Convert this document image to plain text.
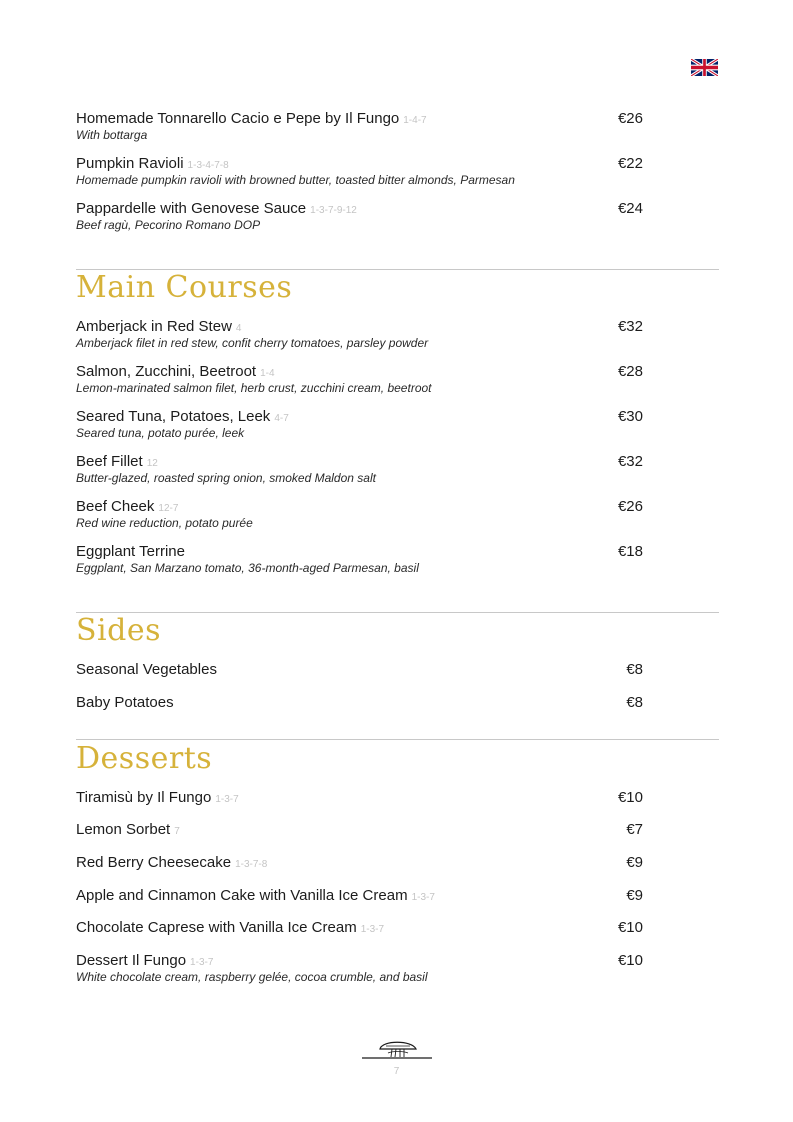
Homemade Tonnarello Cacio e Pepe by Il Fungo 1-4-7	€26
With bottarga
Pumpkin Ravioli 1-3-4-7-8	€22
Homemade pumpkin ravioli with browned butter, toasted bitter almonds, Parmesan
Pappardelle with Genovese Sauce 1-3-7-9-12	€24
Beef ragù, Pecorino Romano DOP
Main Courses
Amberjack in Red Stew 4	€32
Amberjack filet in red stew, confit cherry tomatoes, parsley powder
Salmon, Zucchini, Beetroot 1-4	€28
Lemon-marinated salmon filet, herb crust, zucchini cream, beetroot
Seared Tuna, Potatoes, Leek 4-7	€30
Seared tuna, potato purée, leek
Beef Fillet 12	€32
Butter-glazed, roasted spring onion, smoked Maldon salt
Beef Cheek 12-7	€26
Red wine reduction, potato purée
Eggplant Terrine	€18
Eggplant, San Marzano tomato, 36-month-aged Parmesan, basil
Sides
Seasonal Vegetables	€8
Baby Potatoes	€8
Desserts
Tiramisù by Il Fungo 1-3-7	€10
Lemon Sorbet 7	€7
Red Berry Cheesecake 1-3-7-8	€9
Apple and Cinnamon Cake with Vanilla Ice Cream 1-3-7	€9
Chocolate Caprese with Vanilla Ice Cream 1-3-7	€10
Dessert Il Fungo 1-3-7	€10
White chocolate cream, raspberry gelée, cocoa crumble, and basil
7
